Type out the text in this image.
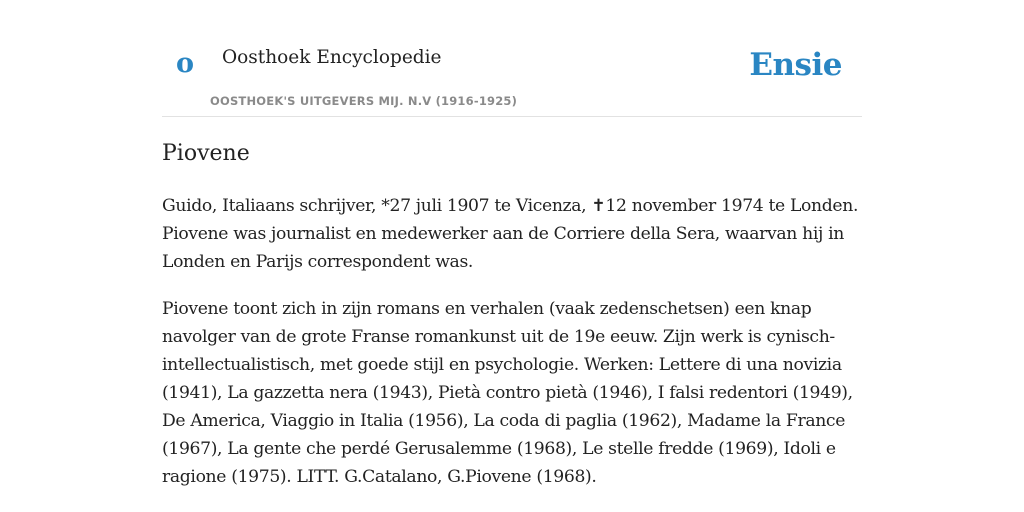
o Oosthoek Encyclopedie
OOSTHOEK'S UITGEVERS MIJ. N.V (1916-1925)
Ensie
Piovene

Guido, Italiaans schrijver, *27 juli 1907 te Vicenza, ✝12 november 1974 te Londen. Piovene was journalist en medewerker aan de Corriere della Sera, waarvan hij in Londen en Parijs correspondent was.

Piovene toont zich in zijn romans en verhalen (vaak zedenschetsen) een knap navolger van de grote Franse romankunst uit de 19e eeuw. Zijn werk is cynisch-intellectualistisch, met goede stijl en psychologie. Werken: Lettere di una novizia (1941), La gazzetta nera (1943), Pietà contro pietà (1946), I falsi redentori (1949), De America, Viaggio in Italia (1956), La coda di paglia (1962), Madame la France (1967), La gente che perdé Gerusalemme (1968), Le stelle fredde (1969), Idoli e ragione (1975). LITT. G.Catalano, G.Piovene (1968).
